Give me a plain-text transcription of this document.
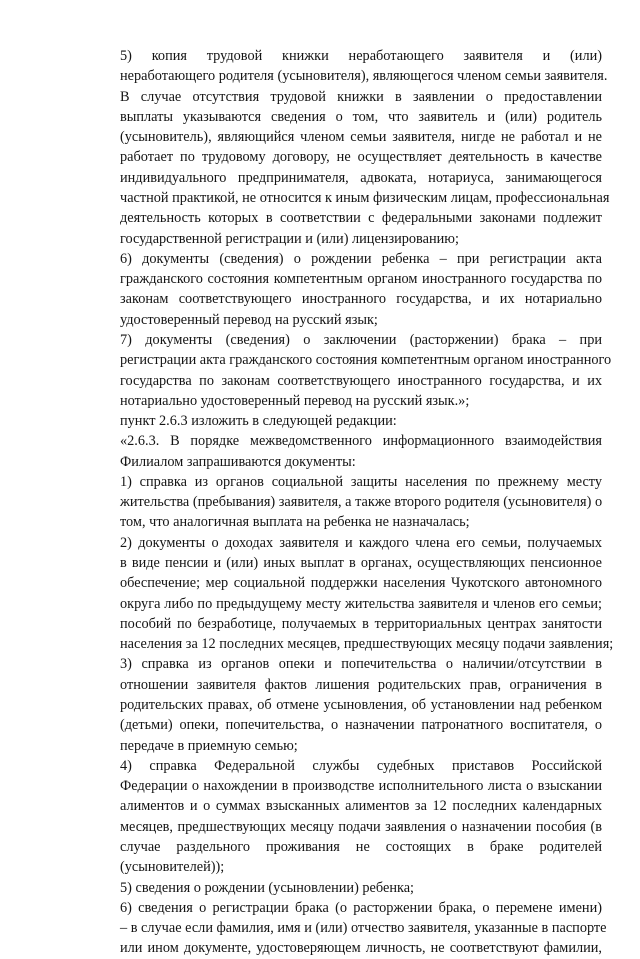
5) копия трудовой книжки неработающего заявителя и (или)
неработающего родителя (усыновителя), являющегося членом семьи заявителя.
В случае отсутствия трудовой книжки в заявлении о предоставлении
выплаты указываются сведения о том, что заявитель и (или) родитель
(усыновитель), являющийся членом семьи заявителя, нигде не работал и не
работает по трудовому договору, не осуществляет деятельность в качестве
индивидуального предпринимателя, адвоката, нотариуса, занимающегося
частной практикой, не относится к иным физическим лицам, профессиональная
деятельность которых в соответствии с федеральными законами подлежит
государственной регистрации и (или) лицензированию;
6) документы (сведения) о рождении ребенка – при регистрации акта
гражданского состояния компетентным органом иностранного государства по
законам соответствующего иностранного государства, и их нотариально
удостоверенный перевод на русский язык;
7) документы (сведения) о заключении (расторжении) брака – при
регистрации акта гражданского состояния компетентным органом иностранного
государства по законам соответствующего иностранного государства, и их
нотариально удостоверенный перевод на русский язык.»;
пункт 2.6.3 изложить в следующей редакции:
«2.6.3. В порядке межведомственного информационного взаимодействия
Филиалом запрашиваются документы:
1) справка из органов социальной защиты населения по прежнему месту
жительства (пребывания) заявителя, а также второго родителя (усыновителя) о
том, что аналогичная выплата на ребенка не назначалась;
2) документы о доходах заявителя и каждого члена его семьи, получаемых
в виде пенсии и (или) иных выплат в органах, осуществляющих пенсионное
обеспечение; мер социальной поддержки населения Чукотского автономного
округа либо по предыдущему месту жительства заявителя и членов его семьи;
пособий по безработице, получаемых в территориальных центрах занятости
населения за 12 последних месяцев, предшествующих месяцу подачи заявления;
3) справка из органов опеки и попечительства о наличии/отсутствии в
отношении заявителя фактов лишения родительских прав, ограничения в
родительских правах, об отмене усыновления, об установлении над ребенком
(детьми) опеки, попечительства, о назначении патронатного воспитателя, о
передаче в приемную семью;
4) справка Федеральной службы судебных приставов Российской
Федерации о нахождении в производстве исполнительного листа о взыскании
алиментов и о суммах взысканных алиментов за 12 последних календарных
месяцев, предшествующих месяцу подачи заявления о назначении пособия (в
случае раздельного проживания не состоящих в браке родителей
(усыновителей));
5) сведения о рождении (усыновлении) ребенка;
6) сведения о регистрации брака (о расторжении брака, о перемене имени)
– в случае если фамилия, имя и (или) отчество заявителя, указанные в паспорте
или ином документе, удостоверяющем личность, не соответствуют фамилии,
